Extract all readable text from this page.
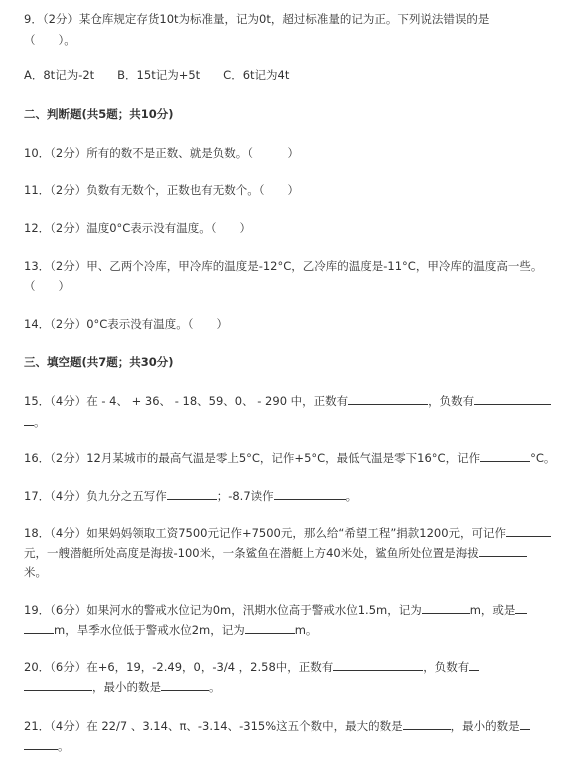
9．（2分）某仓库规定存货10t为标准量，记为0t，超过标准量的记为正。下列说法错误的是
（　　）。
A．8t记为-2t　　B．15t记为+5t　　C．6t记为4t
二、判断题(共5题；共10分)
10．（2分）所有的数不是正数、就是负数。（　　　）
11．（2分）负数有无数个，正数也有无数个。（　　）
12．（2分）温度0°C表示没有温度。（　　）
13．（2分）甲、乙两个冷库，甲冷库的温度是-12°C，乙冷库的温度是-11°C，甲冷库的温度高一些。
（　　）
14．（2分）0°C表示没有温度。（　　）
三、填空题(共7题；共30分)
15．（4分）在 - 4、 + 36、 - 18、59、0、 - 290 中，正数有	，负数有
。
16．（2分）12月某城市的最高气温是零上5°C，记作+5°C，最低气温是零下16°C，记作	°C。
17．（4分）负九分之五写作	；-8.7读作	。
18．（4分）如果妈妈领取工资7500元记作+7500元，那么给“希望工程”捐款1200元，可记作
元，一艘潜艇所处高度是海拔-100米，一条鲨鱼在潜艇上方40米处，鲨鱼所处位置是海拔
米。
19．（6分）如果河水的警戒水位记为0m，汛期水位高于警戒水位1.5m，记为	m，或是
m，旱季水位低于警戒水位2m，记为	m。
20．（6分）在+6，19，-2.49，0，-3/4 ，2.58中，正数有	，负数有
，最小的数是	。
21．（4分）在 22/7 、3.14、π、-3.14、-315%这五个数中，最大的数是	，最小的数是
。
